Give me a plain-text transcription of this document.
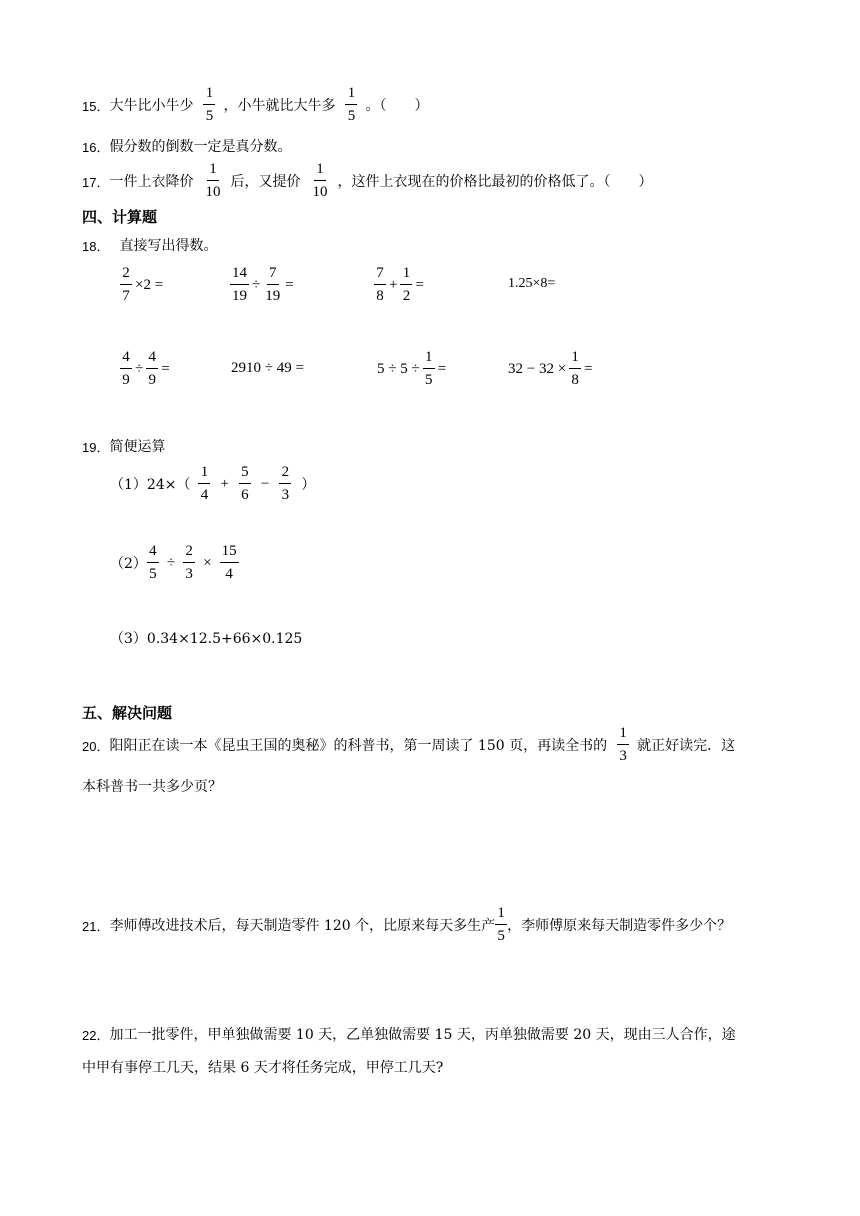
15． 大牛比小牛少 $\frac{1}{5}$ ，小牛就比大牛多 $\frac{1}{5}$ 。（　　）
16． 假分数的倒数一定是真分数。
17． 一件上衣降价 $\frac{1}{10}$ 后，又提价 $\frac{1}{10}$ ，这件上衣现在的价格比最初的价格低了。（　　）
四、计算题
18． 直接写出得数。
$\frac{2}{7} \times 2$ =	$\frac{14}{19} \div \frac{7}{19}$ =	$\frac{7}{8} + \frac{1}{2}$ =	1.25×8=
$\frac{4}{9} \div \frac{4}{9}$ =	2910 ÷ 49 =	$5 \div 5 \div \frac{1}{5}$ =	$32 - 32 \times \frac{1}{8}$ =
19． 简便运算
$(1)24\times( \frac{1}{4} + \frac{5}{6} - \frac{2}{3}$ ）
$(2) \frac{4}{5} \div \frac{2}{3} \times \frac{15}{4}$
（3）0.34×12.5+66×0.125
五、解决问题
20． 阳阳正在读一本《昆虫王国的奥秘》的科普书，第一周读了 150 页，再读全书的 $\frac{1}{3}$ 就正好读完．这
本科普书一共多少页？
21． 李师傅改进技术后，每天制造零件 120 个，比原来每天多生产 $\frac{1}{5}$ ，李师傅原来每天制造零件多少个？
22． 加工一批零件，甲单独做需要 10 天，乙单独做需要 15 天，丙单独做需要 20 天，现由三人合作，途
中甲有事停工几天，结果 6 天才将任务完成，甲停工几天?
